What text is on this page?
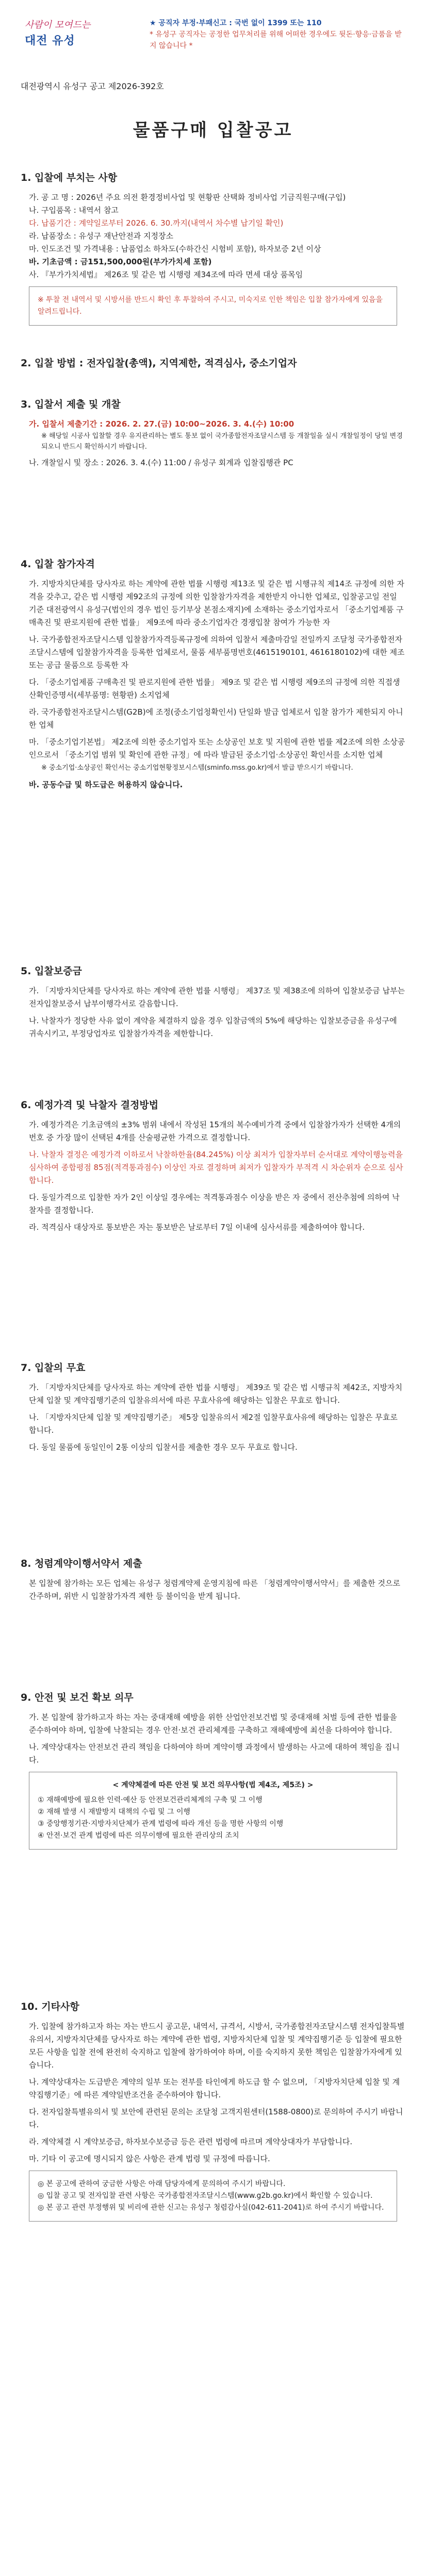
사람이 모여드는
대전 유성
★ 공직자 부정·부패신고 : 국번 없이 1399 또는 110
* 유성구 공직자는 공정한 업무처리를 위해 어떠한 경우에도 뒷돈·향응·금품을 받지 않습니다 *
대전광역시 유성구 공고 제2026-392호
물품구매 입찰공고
1. 입찰에 부치는 사항
가. 공 고 명 : 2026년 주요 의전 환경정비사업 및 현황판 산택화 정비사업 기금직원구매(구입)
나. 구입품목 : 내역서 참고
다. 납품기간 : 계약일로부터 2026. 6. 30.까지(내역서 차수별 납기일 확인)
라. 납품장소 : 유성구 재난안전과 지정장소
마. 인도조건 및 가격내용 : 납품업소 하차도(수하간신 시험비 포함), 하자보증 2년 이상
바. 기초금액 : 금151,500,000원(부가가치세 포함)
사. 『부가가치세법』 제26조 및 같은 법 시행령 제34조에 따라 면세 대상 품목임
※ 투찰 전 내역서 및 시방서를 반드시 확인 후 투찰하여 주시고, 미숙지로 인한 책임은 입찰 참가자에게 있음을 알려드립니다.
2. 입찰 방법 : 전자입찰(총액), 지역제한, 적격심사, 중소기업자
3. 입찰서 제출 및 개찰
가. 입찰서 제출기간 : 2026. 2. 27.(금) 10:00~2026. 3. 4.(수) 10:00
※ 해당일 시공사 입찰할 경우 유지관리하는 별도 통보 없이 국가종합전자조달시스템 등 개찰일을 실시 개찰일정이 당일 변경되오니 반드시 확인하시기 바랍니다.
나. 개찰일시 및 장소 : 2026. 3. 4.(수) 11:00 / 유성구 회계과 입찰집행관 PC
4. 입찰 참가자격
가. 지방자치단체를 당사자로 하는 계약에 관한 법률 시행령 제13조 및 같은 법 시행규칙 제14조 규정에 의한 자격을 갖추고, 같은 법 시행령 제92조의 규정에 의한 입찰참가자격을 제한받지 아니한 업체로, 입찰공고일 전일 기준 대전광역시 유성구(법인의 경우 법인 등기부상 본점소재지)에 소재하는 중소기업자로서 「중소기업제품 구매촉진 및 판로지원에 관한 법률」 제9조에 따라 중소기업자간 경쟁입찰 참여가 가능한 자
나. 국가종합전자조달시스템 입찰참가자격등록규정에 의하여 입찰서 제출마감일 전일까지 조달청 국가종합전자조달시스템에 입찰참가자격을 등록한 업체로서, 물품 세부품명번호(4615190101, 4616180102)에 대한 제조 또는 공급 물품으로 등록한 자
다. 「중소기업제품 구매촉진 및 판로지원에 관한 법률」 제9조 및 같은 법 시행령 제9조의 규정에 의한 직접생산확인증명서(세부품명: 현황판) 소지업체
라. 국가종합전자조달시스템(G2B)에 조정(중소기업청확인서) 단일화 발급 업체로서 입찰 참가가 제한되지 아니한 업체
마. 「중소기업기본법」 제2조에 의한 중소기업자 또는 소상공인 보호 및 지원에 관한 법률 제2조에 의한 소상공인으로서 「중소기업 범위 및 확인에 관한 규정」에 따라 발급된 중소기업·소상공인 확인서를 소지한 업체
※ 중소기업·소상공인 확인서는 중소기업현황정보시스템(sminfo.mss.go.kr)에서 발급 받으시기 바랍니다.
바. 공동수급 및 하도급은 허용하지 않습니다.
5. 입찰보증금
가. 「지방자치단체를 당사자로 하는 계약에 관한 법률 시행령」 제37조 및 제38조에 의하여 입찰보증금 납부는 전자입찰보증서 납부이행각서로 갈음합니다.
나. 낙찰자가 정당한 사유 없이 계약을 체결하지 않을 경우 입찰금액의 5%에 해당하는 입찰보증금을 유성구에 귀속시키고, 부정당업자로 입찰참가자격을 제한합니다.
6. 예정가격 및 낙찰자 결정방법
가. 예정가격은 기초금액의 ±3% 범위 내에서 작성된 15개의 복수예비가격 중에서 입찰참가자가 선택한 4개의 번호 중 가장 많이 선택된 4개를 산술평균한 가격으로 결정합니다.
나. 낙찰자 결정은 예정가격 이하로서 낙찰하한율(84.245%) 이상 최저가 입찰자부터 순서대로 계약이행능력을 심사하여 종합평점 85점(적격통과점수) 이상인 자로 결정하며 최저가 입찰자가 부적격 시 차순위자 순으로 심사합니다.
다. 동일가격으로 입찰한 자가 2인 이상일 경우에는 적격통과점수 이상을 받은 자 중에서 전산추첨에 의하여 낙찰자를 결정합니다.
라. 적격심사 대상자로 통보받은 자는 통보받은 날로부터 7일 이내에 심사서류를 제출하여야 합니다.
7. 입찰의 무효
가. 「지방자치단체를 당사자로 하는 계약에 관한 법률 시행령」 제39조 및 같은 법 시행규칙 제42조, 지방자치단체 입찰 및 계약집행기준의 입찰유의서에 따른 무효사유에 해당하는 입찰은 무효로 합니다.
나. 「지방자치단체 입찰 및 계약집행기준」 제5장 입찰유의서 제2절 입찰무효사유에 해당하는 입찰은 무효로 합니다.
다. 동일 물품에 동일인이 2통 이상의 입찰서를 제출한 경우 모두 무효로 합니다.
8. 청렴계약이행서약서 제출
본 입찰에 참가하는 모든 업체는 유성구 청렴계약제 운영지침에 따른 「청렴계약이행서약서」를 제출한 것으로 간주하며, 위반 시 입찰참가자격 제한 등 불이익을 받게 됩니다.
9. 안전 및 보건 확보 의무
가. 본 입찰에 참가하고자 하는 자는 중대재해 예방을 위한 산업안전보건법 및 중대재해 처벌 등에 관한 법률을 준수하여야 하며, 입찰에 낙찰되는 경우 안전·보건 관리체계를 구축하고 재해예방에 최선을 다하여야 합니다.
나. 계약상대자는 안전보건 관리 책임을 다하여야 하며 계약이행 과정에서 발생하는 사고에 대하여 책임을 집니다.
< 계약체결에 따른 안전 및 보건 의무사항(법 제4조, 제5조) >
① 재해예방에 필요한 인력·예산 등 안전보건관리체계의 구축 및 그 이행
② 재해 발생 시 재발방지 대책의 수립 및 그 이행
③ 중앙행정기관·지방자치단체가 관계 법령에 따라 개선 등을 명한 사항의 이행
④ 안전·보건 관계 법령에 따른 의무이행에 필요한 관리상의 조치
10. 기타사항
가. 입찰에 참가하고자 하는 자는 반드시 공고문, 내역서, 규격서, 시방서, 국가종합전자조달시스템 전자입찰특별유의서, 지방자치단체를 당사자로 하는 계약에 관한 법령, 지방자치단체 입찰 및 계약집행기준 등 입찰에 필요한 모든 사항을 입찰 전에 완전히 숙지하고 입찰에 참가하여야 하며, 이를 숙지하지 못한 책임은 입찰참가자에게 있습니다.
나. 계약상대자는 도급받은 계약의 일부 또는 전부를 타인에게 하도급 할 수 없으며, 「지방자치단체 입찰 및 계약집행기준」에 따른 계약일반조건을 준수하여야 합니다.
다. 전자입찰특별유의서 및 보안에 관련된 문의는 조달청 고객지원센터(1588-0800)로 문의하여 주시기 바랍니다.
라. 계약체결 시 계약보증금, 하자보수보증금 등은 관련 법령에 따르며 계약상대자가 부담합니다.
마. 기타 이 공고에 명시되지 않은 사항은 관계 법령 및 규정에 따릅니다.
◎ 본 공고에 관하여 궁금한 사항은 아래 담당자에게 문의하여 주시기 바랍니다.
◎ 입찰 공고 및 전자입찰 관련 사항은 국가종합전자조달시스템(www.g2b.go.kr)에서 확인할 수 있습니다.
◎ 본 공고 관련 부정행위 및 비리에 관한 신고는 유성구 청렴감사실(042-611-2041)로 하여 주시기 바랍니다.
